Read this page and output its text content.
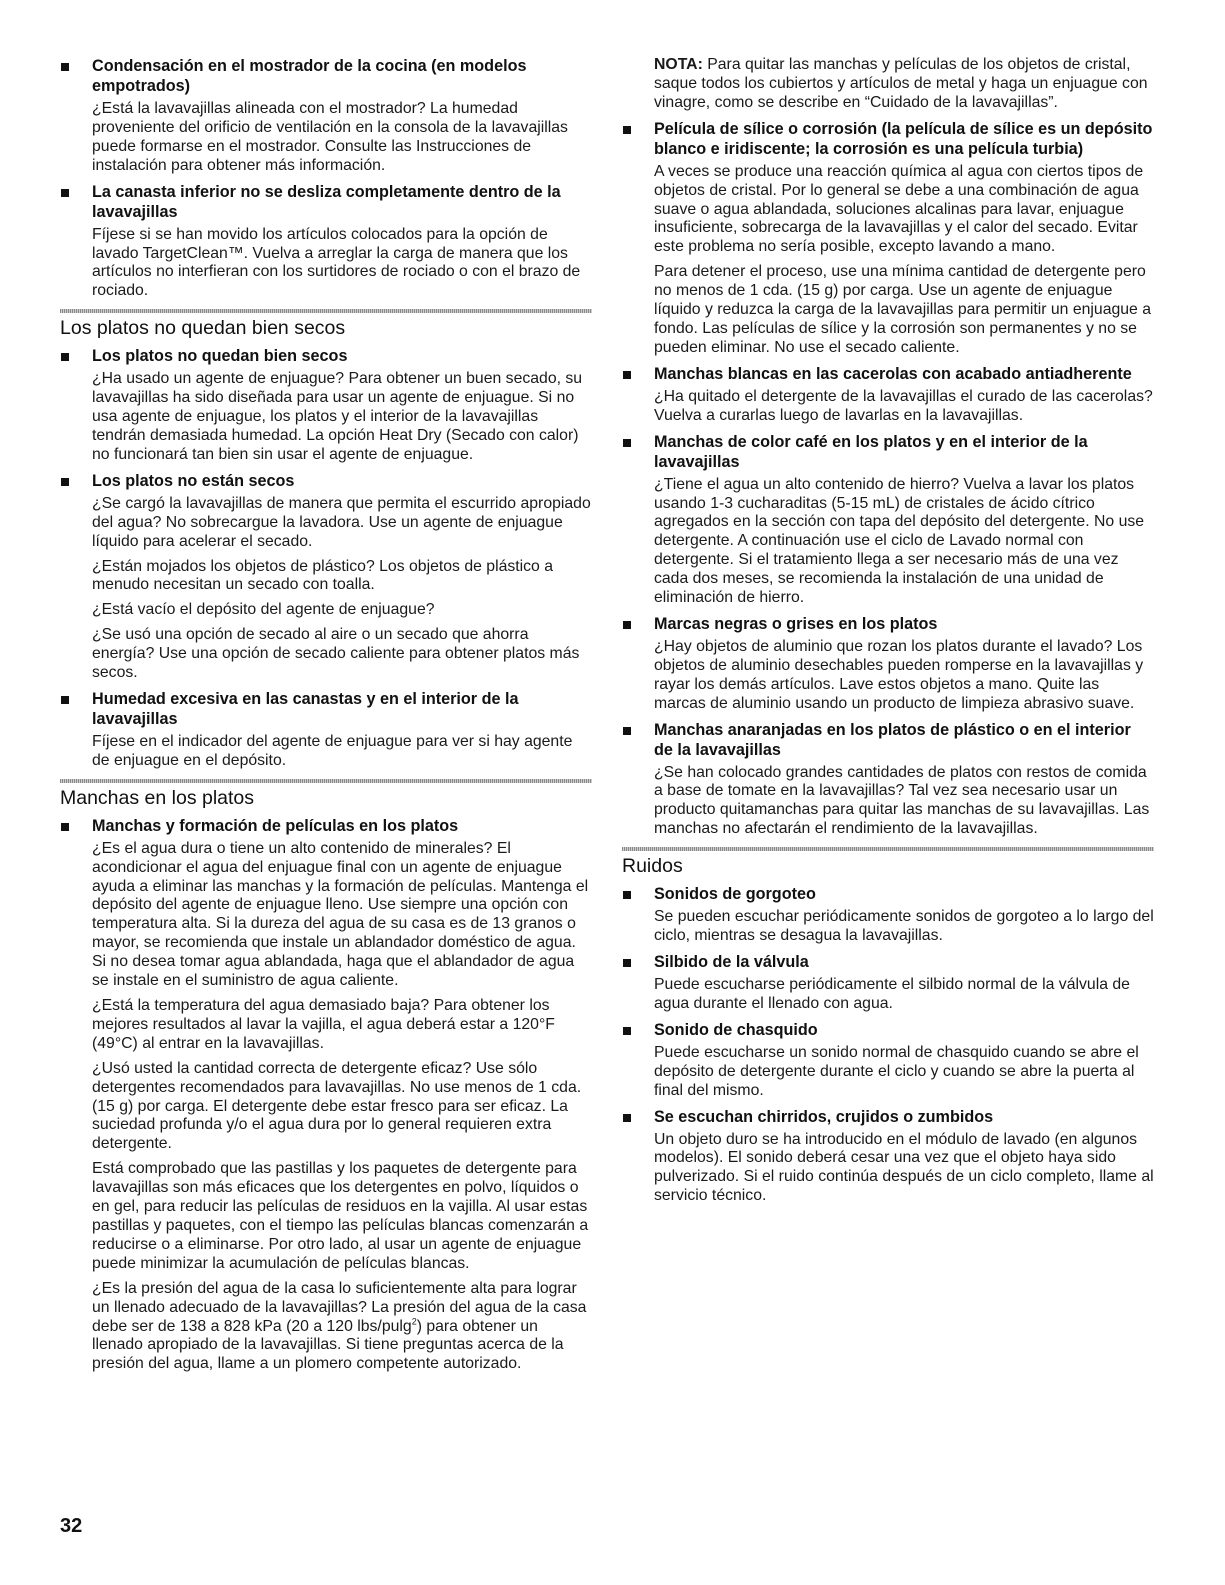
Condensación en el mostrador de la cocina (en modelos empotrados)
¿Está la lavavajillas alineada con el mostrador? La humedad proveniente del orificio de ventilación en la consola de la lavavajillas puede formarse en el mostrador. Consulte las Instrucciones de instalación para obtener más información.
La canasta inferior no se desliza completamente dentro de la lavavajillas
Fíjese si se han movido los artículos colocados para la opción de lavado TargetClean™. Vuelva a arreglar la carga de manera que los artículos no interfieran con los surtidores de rociado o con el brazo de rociado.
Los platos no quedan bien secos
Los platos no quedan bien secos
¿Ha usado un agente de enjuague? Para obtener un buen secado, su lavavajillas ha sido diseñada para usar un agente de enjuague. Si no usa agente de enjuague, los platos y el interior de la lavavajillas tendrán demasiada humedad. La opción Heat Dry (Secado con calor) no funcionará tan bien sin usar el agente de enjuague.
Los platos no están secos
¿Se cargó la lavavajillas de manera que permita el escurrido apropiado del agua? No sobrecargue la lavadora. Use un agente de enjuague líquido para acelerar el secado.
¿Están mojados los objetos de plástico? Los objetos de plástico a menudo necesitan un secado con toalla.
¿Está vacío el depósito del agente de enjuague?
¿Se usó una opción de secado al aire o un secado que ahorra energía? Use una opción de secado caliente para obtener platos más secos.
Humedad excesiva en las canastas y en el interior de la lavavajillas
Fíjese en el indicador del agente de enjuague para ver si hay agente de enjuague en el depósito.
Manchas en los platos
Manchas y formación de películas en los platos
¿Es el agua dura o tiene un alto contenido de minerales? El acondicionar el agua del enjuague final con un agente de enjuague ayuda a eliminar las manchas y la formación de películas. Mantenga el depósito del agente de enjuague lleno. Use siempre una opción con temperatura alta. Si la dureza del agua de su casa es de 13 granos o mayor, se recomienda que instale un ablandador doméstico de agua. Si no desea tomar agua ablandada, haga que el ablandador de agua se instale en el suministro de agua caliente.
¿Está la temperatura del agua demasiado baja? Para obtener los mejores resultados al lavar la vajilla, el agua deberá estar a 120°F (49°C) al entrar en la lavavajillas.
¿Usó usted la cantidad correcta de detergente eficaz? Use sólo detergentes recomendados para lavavajillas. No use menos de 1 cda. (15 g) por carga. El detergente debe estar fresco para ser eficaz. La suciedad profunda y/o el agua dura por lo general requieren extra detergente.
Está comprobado que las pastillas y los paquetes de detergente para lavavajillas son más eficaces que los detergentes en polvo, líquidos o en gel, para reducir las películas de residuos en la vajilla. Al usar estas pastillas y paquetes, con el tiempo las películas blancas comenzarán a reducirse o a eliminarse. Por otro lado, al usar un agente de enjuague puede minimizar la acumulación de películas blancas.
¿Es la presión del agua de la casa lo suficientemente alta para lograr un llenado adecuado de la lavavajillas? La presión del agua de la casa debe ser de 138 a 828 kPa (20 a 120 lbs/pulg$^2$) para obtener un llenado apropiado de la lavavajillas. Si tiene preguntas acerca de la presión del agua, llame a un plomero competente autorizado.
NOTA: Para quitar las manchas y películas de los objetos de cristal, saque todos los cubiertos y artículos de metal y haga un enjuague con vinagre, como se describe en “Cuidado de la lavavajillas”.
Película de sílice o corrosión (la película de sílice es un depósito blanco e iridiscente; la corrosión es una película turbia)
A veces se produce una reacción química al agua con ciertos tipos de objetos de cristal. Por lo general se debe a una combinación de agua suave o agua ablandada, soluciones alcalinas para lavar, enjuague insuficiente, sobrecarga de la lavavajillas y el calor del secado. Evitar este problema no sería posible, excepto lavando a mano.
Para detener el proceso, use una mínima cantidad de detergente pero no menos de 1 cda. (15 g) por carga. Use un agente de enjuague líquido y reduzca la carga de la lavavajillas para permitir un enjuague a fondo. Las películas de sílice y la corrosión son permanentes y no se pueden eliminar. No use el secado caliente.
Manchas blancas en las cacerolas con acabado antiadherente
¿Ha quitado el detergente de la lavavajillas el curado de las cacerolas? Vuelva a curarlas luego de lavarlas en la lavavajillas.
Manchas de color café en los platos y en el interior de la lavavajillas
¿Tiene el agua un alto contenido de hierro? Vuelva a lavar los platos usando 1-3 cucharaditas (5-15 mL) de cristales de ácido cítrico agregados en la sección con tapa del depósito del detergente. No use detergente. A continuación use el ciclo de Lavado normal con detergente. Si el tratamiento llega a ser necesario más de una vez cada dos meses, se recomienda la instalación de una unidad de eliminación de hierro.
Marcas negras o grises en los platos
¿Hay objetos de aluminio que rozan los platos durante el lavado? Los objetos de aluminio desechables pueden romperse en la lavavajillas y rayar los demás artículos. Lave estos objetos a mano. Quite las marcas de aluminio usando un producto de limpieza abrasivo suave.
Manchas anaranjadas en los platos de plástico o en el interior de la lavavajillas
¿Se han colocado grandes cantidades de platos con restos de comida a base de tomate en la lavavajillas? Tal vez sea necesario usar un producto quitamanchas para quitar las manchas de su lavavajillas. Las manchas no afectarán el rendimiento de la lavavajillas.
Ruidos
Sonidos de gorgoteo
Se pueden escuchar periódicamente sonidos de gorgoteo a lo largo del ciclo, mientras se desagua la lavavajillas.
Silbido de la válvula
Puede escucharse periódicamente el silbido normal de la válvula de agua durante el llenado con agua.
Sonido de chasquido
Puede escucharse un sonido normal de chasquido cuando se abre el depósito de detergente durante el ciclo y cuando se abre la puerta al final del mismo.
Se escuchan chirridos, crujidos o zumbidos
Un objeto duro se ha introducido en el módulo de lavado (en algunos modelos). El sonido deberá cesar una vez que el objeto haya sido pulverizado. Si el ruido continúa después de un ciclo completo, llame al servicio técnico.
32
